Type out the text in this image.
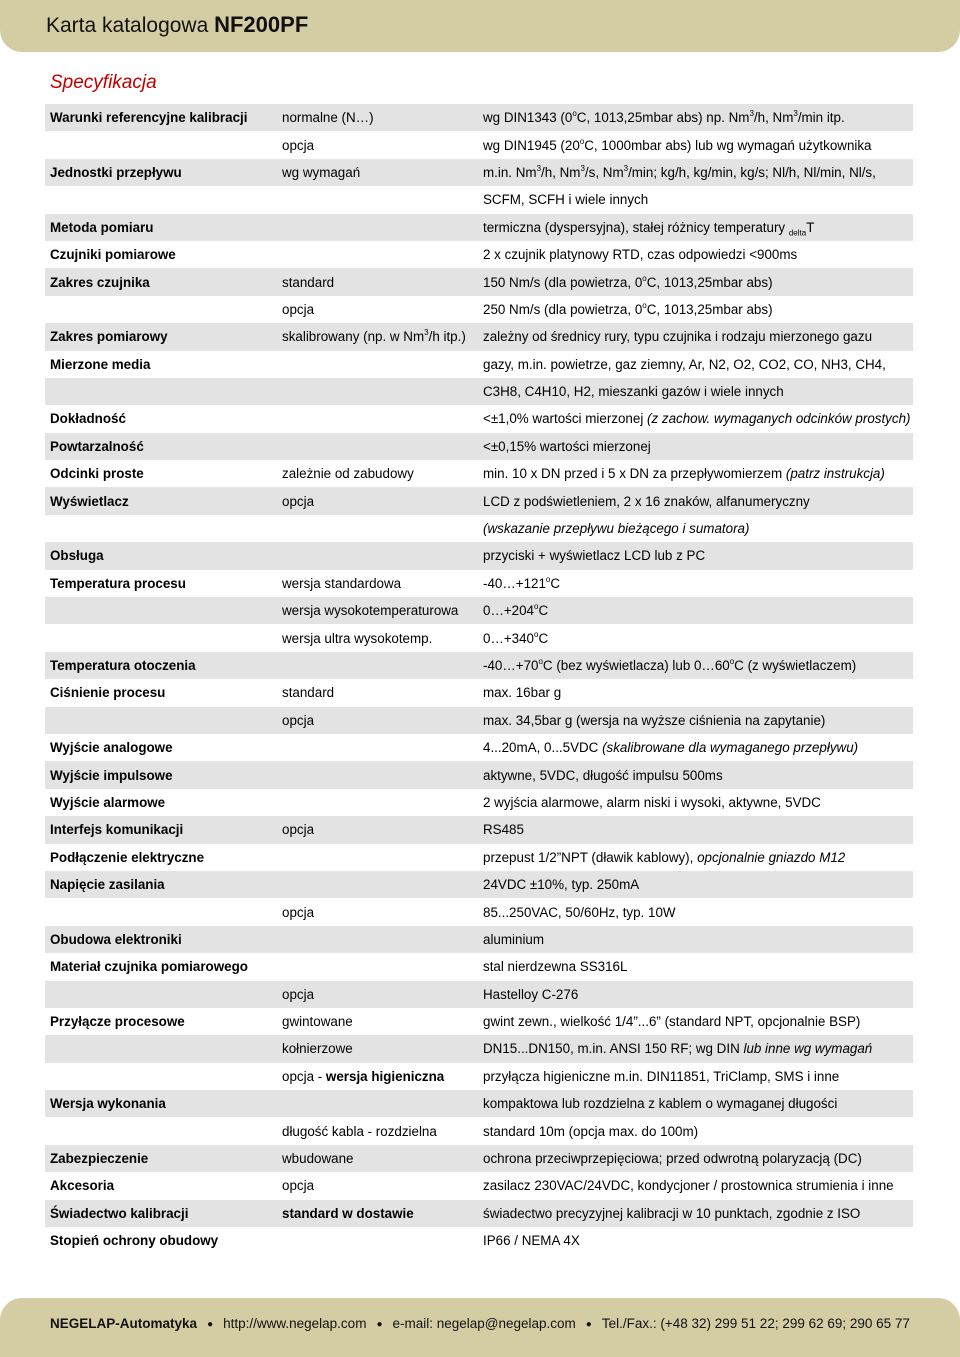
Karta katalogowa NF200PF
Specyfikacja
Warunki referencyjne kalibracji	normalne (N…)	wg DIN1343 (0$^o$C, 1013,25mbar abs) np. Nm$^3$/h, Nm$^3$/min itp.
	opcja	wg DIN1945 (20$^o$C, 1000mbar abs) lub wg wymagań użytkownika
Jednostki przepływu	wg wymagań	m.in. Nm$^3$/h, Nm$^3$/s, Nm$^3$/min; kg/h, kg/min, kg/s; Nl/h, Nl/min, Nl/s,
		SCFM, SCFH i wiele innych
Metoda pomiaru		termiczna (dyspersyjna), stałej różnicy temperatury $_{delta}$T
Czujniki pomiarowe		2 x czujnik platynowy RTD, czas odpowiedzi <900ms
Zakres czujnika	standard	150 Nm/s (dla powietrza, 0$^o$C, 1013,25mbar abs)
	opcja	250 Nm/s (dla powietrza, 0$^o$C, 1013,25mbar abs)
Zakres pomiarowy	skalibrowany (np. w Nm$^3$/h itp.)	zależny od średnicy rury, typu czujnika i rodzaju mierzonego gazu
Mierzone media		gazy, m.in. powietrze, gaz ziemny, Ar, N2, O2, CO2, CO, NH3, CH4,
		C3H8, C4H10, H2, mieszanki gazów i wiele innych
Dokładność		<±1,0% wartości mierzonej (z zachow. wymaganych odcinków prostych)
Powtarzalność		<±0,15% wartości mierzonej
Odcinki proste	zależnie od zabudowy	min. 10 x DN przed i 5 x DN za przepływomierzem (patrz instrukcja)
Wyświetlacz	opcja	LCD z podświetleniem, 2 x 16 znaków, alfanumeryczny
		(wskazanie przepływu bieżącego i sumatora)
Obsługa		przyciski + wyświetlacz LCD lub z PC
Temperatura procesu	wersja standardowa	$-40\dots+121^oC$
	wersja wysokotemperaturowa	$0\dots+204^oC$
	wersja ultra wysokotemp.	$0\dots+340^oC$
Temperatura otoczenia		$-40\dots+70^oC$ (bez wyświetlacza) lub 0…60$^o$C (z wyświetlaczem)
Ciśnienie procesu	standard	max. 16bar g
	opcja	max. 34,5bar g (wersja na wyższe ciśnienia na zapytanie)
Wyjście analogowe		4...20mA, 0...5VDC (skalibrowane dla wymaganego przepływu)
Wyjście impulsowe		aktywne, 5VDC, długość impulsu 500ms
Wyjście alarmowe		2 wyjścia alarmowe, alarm niski i wysoki, aktywne, 5VDC
Interfejs komunikacji	opcja	RS485
Podłączenie elektryczne		przepust 1/2”NPT (dławik kablowy), opcjonalnie gniazdo M12
Napięcie zasilania		24VDC ±10%, typ. 250mA
	opcja	85...250VAC, 50/60Hz, typ. 10W
Obudowa elektroniki		aluminium
Materiał czujnika pomiarowego		stal nierdzewna SS316L
	opcja	Hastelloy C-276
Przyłącze procesowe	gwintowane	gwint zewn., wielkość 1/4”...6” (standard NPT, opcjonalnie BSP)
	kołnierzowe	DN15...DN150, m.in. ANSI 150 RF; wg DIN lub inne wg wymagań
	opcja - wersja higieniczna	przyłącza higieniczne m.in. DIN11851, TriClamp, SMS i inne
Wersja wykonania		kompaktowa lub rozdzielna z kablem o wymaganej długości
	długość kabla - rozdzielna	standard 10m (opcja max. do 100m)
Zabezpieczenie	wbudowane	ochrona przeciwprzepięciowa; przed odwrotną polaryzacją (DC)
Akcesoria	opcja	zasilacz 230VAC/24VDC, kondycjoner / prostownica strumienia i inne
Świadectwo kalibracji	standard w dostawie	świadectwo precyzyjnej kalibracji w 10 punktach, zgodnie z ISO
Stopień ochrony obudowy		IP66 / NEMA 4X
NEGELAP-Automatyka ● http://www.negelap.com ● e-mail: negelap@negelap.com ● Tel./Fax.: (+48 32) 299 51 22; 299 62 69; 290 65 77
